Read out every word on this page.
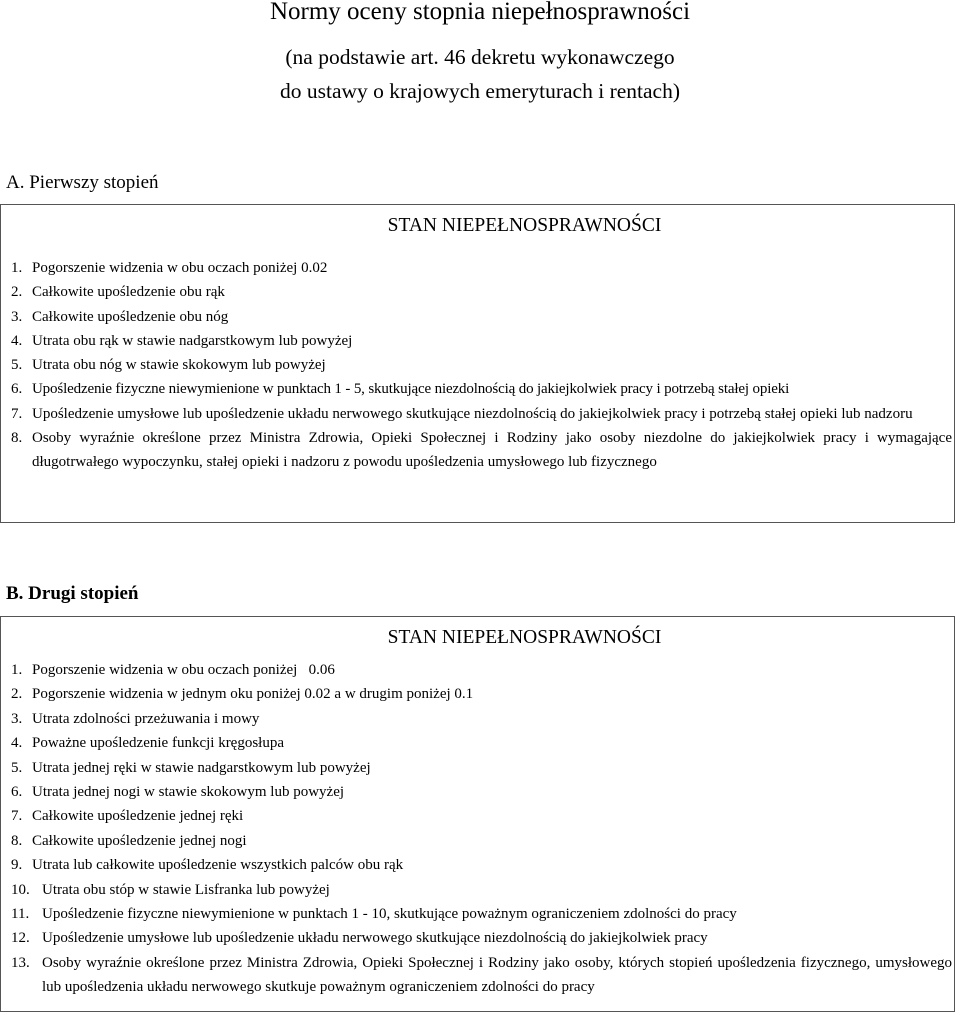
Normy oceny stopnia niepełnosprawności
(na podstawie art. 46 dekretu wykonawczego
do ustawy o krajowych emeryturach i rentach)
A. Pierwszy stopień
STAN NIEPEŁNOSPRAWNOŚCI
1. Pogorszenie widzenia w obu oczach poniżej 0.02
2. Całkowite upośledzenie obu rąk
3. Całkowite upośledzenie obu nóg
4. Utrata obu rąk w stawie nadgarstkowym lub powyżej
5. Utrata obu nóg w stawie skokowym lub powyżej
6. Upośledzenie fizyczne niewymienione w punktach 1 - 5, skutkujące niezdolnością do jakiejkolwiek pracy i potrzebą stałej opieki
7. Upośledzenie umysłowe lub upośledzenie układu nerwowego skutkujące niezdolnością do jakiejkolwiek pracy i potrzebą stałej opieki lub nadzoru
8. Osoby wyraźnie określone przez Ministra Zdrowia, Opieki Społecznej i Rodziny jako osoby niezdolne do jakiejkolwiek pracy i wymagające długotrwałego wypoczynku, stałej opieki i nadzoru z powodu upośledzenia umysłowego lub fizycznego
B. Drugi stopień
STAN NIEPEŁNOSPRAWNOŚCI
1. Pogorszenie widzenia w obu oczach poniżej   0.06
2. Pogorszenie widzenia w jednym oku poniżej 0.02 a w drugim poniżej 0.1
3. Utrata zdolności przeżuwania i mowy
4. Poważne upośledzenie funkcji kręgosłupa
5. Utrata jednej ręki w stawie nadgarstkowym lub powyżej
6. Utrata jednej nogi w stawie skokowym lub powyżej
7. Całkowite upośledzenie jednej ręki
8. Całkowite upośledzenie jednej nogi
9. Utrata lub całkowite upośledzenie wszystkich palców obu rąk
10. Utrata obu stóp w stawie Lisfranka lub powyżej
11. Upośledzenie fizyczne niewymienione w punktach 1 - 10, skutkujące poważnym ograniczeniem zdolności do pracy
12. Upośledzenie umysłowe lub upośledzenie układu nerwowego skutkujące niezdolnością do jakiejkolwiek pracy
13. Osoby wyraźnie określone przez Ministra Zdrowia, Opieki Społecznej i Rodziny jako osoby, których stopień upośledzenia fizycznego, umysłowego lub upośledzenia układu nerwowego skutkuje poważnym ograniczeniem zdolności do pracy
